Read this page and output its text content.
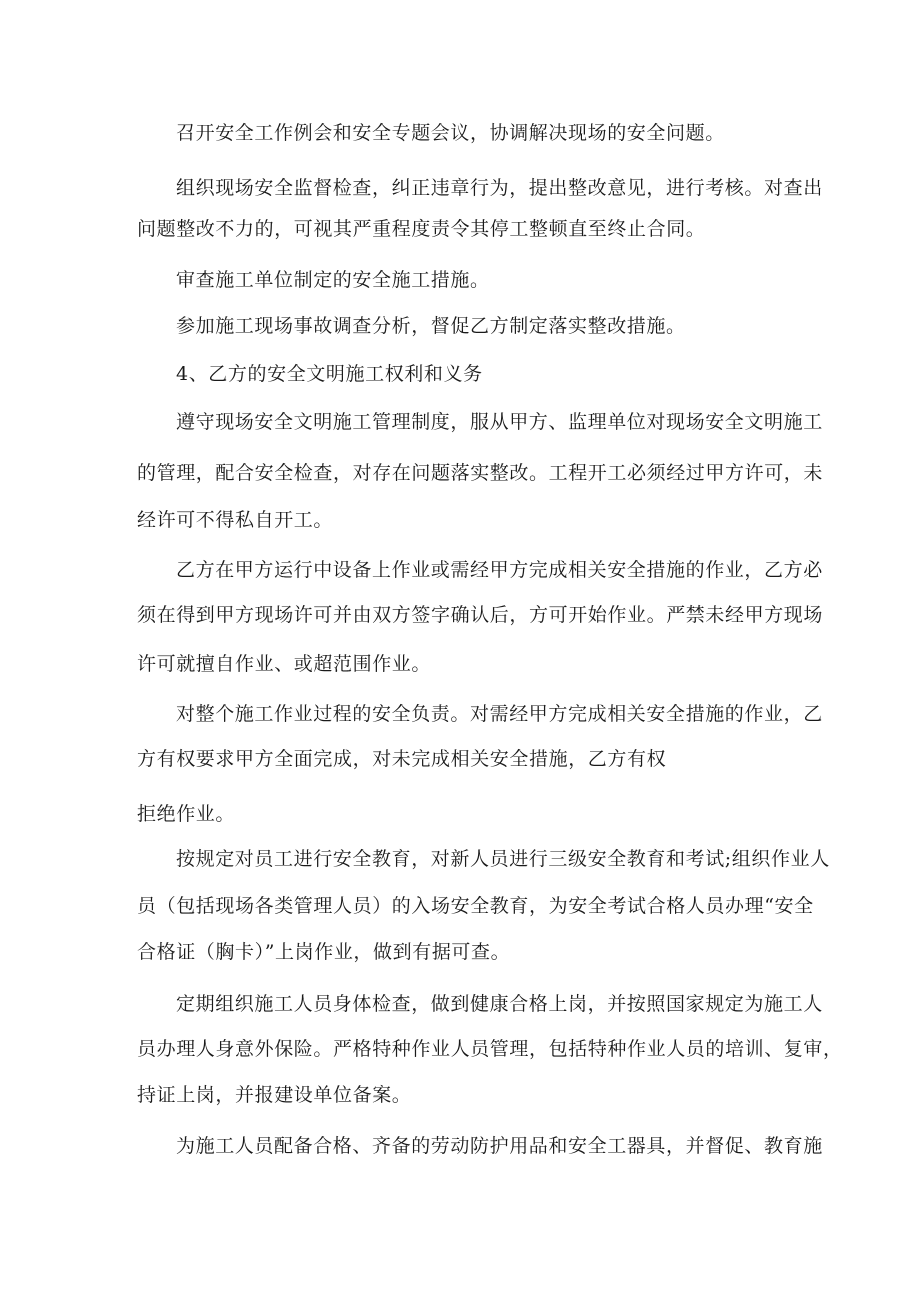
召开安全工作例会和安全专题会议，协调解决现场的安全问题。
组织现场安全监督检查，纠正违章行为，提出整改意见，进行考核。对查出
问题整改不力的，可视其严重程度责令其停工整顿直至终止合同。
审查施工单位制定的安全施工措施。
参加施工现场事故调查分析，督促乙方制定落实整改措施。
4、乙方的安全文明施工权利和义务
遵守现场安全文明施工管理制度，服从甲方、监理单位对现场安全文明施工
的管理，配合安全检查，对存在问题落实整改。工程开工必须经过甲方许可，未
经许可不得私自开工。
乙方在甲方运行中设备上作业或需经甲方完成相关安全措施的作业，乙方必
须在得到甲方现场许可并由双方签字确认后，方可开始作业。严禁未经甲方现场
许可就擅自作业、或超范围作业。
对整个施工作业过程的安全负责。对需经甲方完成相关安全措施的作业，乙
方有权要求甲方全面完成，对未完成相关安全措施，乙方有权
拒绝作业。
按规定对员工进行安全教育，对新人员进行三级安全教育和考试;组织作业人
员（包括现场各类管理人员）的入场安全教育，为安全考试合格人员办理“安全
合格证（胸卡）”上岗作业，做到有据可查。
定期组织施工人员身体检查，做到健康合格上岗，并按照国家规定为施工人
员办理人身意外保险。严格特种作业人员管理，包括特种作业人员的培训、复审，
持证上岗，并报建设单位备案。
为施工人员配备合格、齐备的劳动防护用品和安全工器具，并督促、教育施
